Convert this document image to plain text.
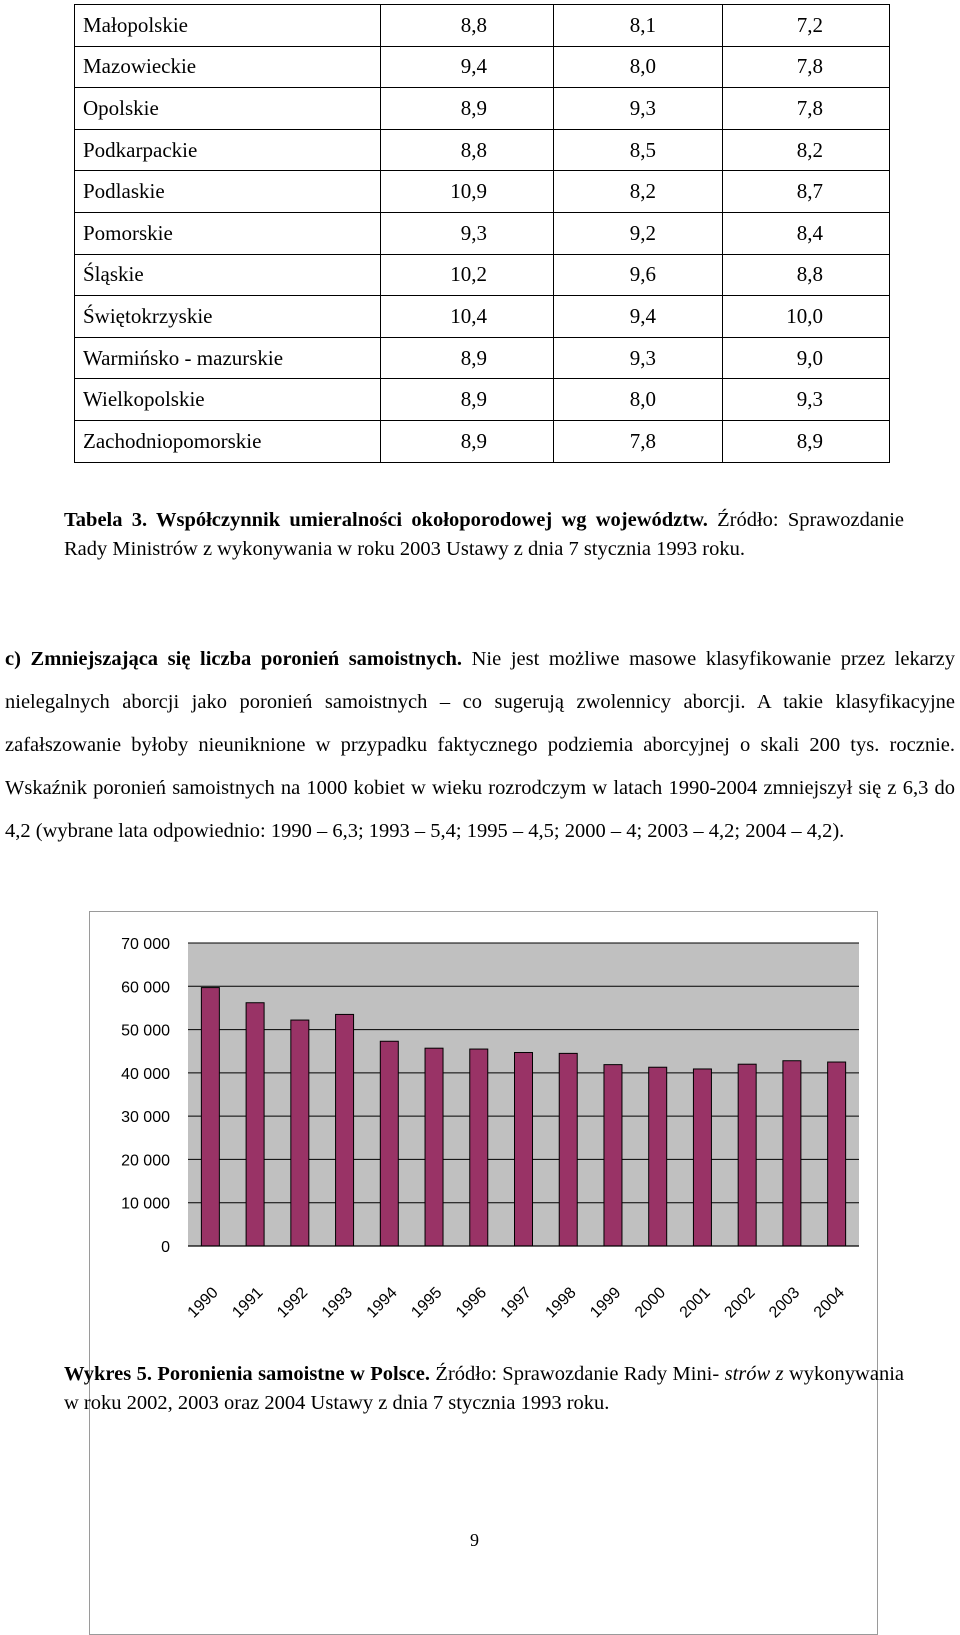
Małopolskie	8,8	8,1	7,2
Mazowieckie	9,4	8,0	7,8
Opolskie	8,9	9,3	7,8
Podkarpackie	8,8	8,5	8,2
Podlaskie	10,9	8,2	8,7
Pomorskie	9,3	9,2	8,4
Śląskie	10,2	9,6	8,8
Świętokrzyskie	10,4	9,4	10,0
Warmińsko - mazurskie	8,9	9,3	9,0
Wielkopolskie	8,9	8,0	9,3
Zachodniopomorskie	8,9	7,8	8,9
Tabela 3. Współczynnik umieralności okołoporodowej wg województw. Źródło: Sprawozdanie Rady Ministrów z wykonywania w roku 2003 Ustawy z dnia 7 stycznia 1993 roku.
c) Zmniejszająca się liczba poronień samoistnych. Nie jest możliwe masowe klasyfikowanie przez lekarzy nielegalnych aborcji jako poronień samoistnych – co sugerują zwolennicy aborcji. A takie klasyfikacyjne zafałszowanie byłoby nieuniknione w przypadku faktycznego podziemia aborcyjnej o skali 200 tys. rocznie. Wskaźnik poronień samoistnych na 1000 kobiet w wieku rozrodczym w latach 1990-2004 zmniejszył się z 6,3 do 4,2 (wybrane lata odpowiednio: 1990 – 6,3; 1993 – 5,4; 1995 – 4,5; 2000 – 4; 2003 – 4,2; 2004 – 4,2).
0
10 000
20 000
30 000
40 000
50 000
60 000
70 000
1990 1991 1992 1993 1994 1995 1996 1997 1998 1999 2000 2001 2002 2003 2004
Wykres 5. Poronienia samoistne w Polsce. Źródło: Sprawozdanie Rady Mini- strów z wykonywania w roku 2002, 2003 oraz 2004 Ustawy z dnia 7 stycznia 1993 roku.
9
